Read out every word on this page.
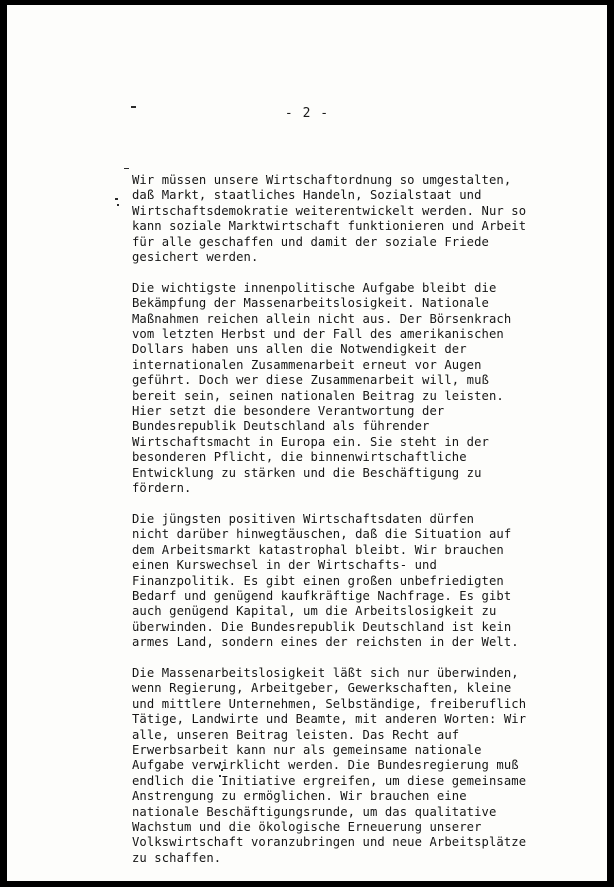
- 2 -
Wir müssen unsere Wirtschaftordnung so umgestalten,
daß Markt, staatliches Handeln, Sozialstaat und
Wirtschaftsdemokratie weiterentwickelt werden. Nur so
kann soziale Marktwirtschaft funktionieren und Arbeit
für alle geschaffen und damit der soziale Friede
gesichert werden.
Die wichtigste innenpolitische Aufgabe bleibt die
Bekämpfung der Massenarbeitslosigkeit. Nationale
Maßnahmen reichen allein nicht aus. Der Börsenkrach
vom letzten Herbst und der Fall des amerikanischen
Dollars haben uns allen die Notwendigkeit der
internationalen Zusammenarbeit erneut vor Augen
geführt. Doch wer diese Zusammenarbeit will, muß
bereit sein, seinen nationalen Beitrag zu leisten.
Hier setzt die besondere Verantwortung der
Bundesrepublik Deutschland als führender
Wirtschaftsmacht in Europa ein. Sie steht in der
besonderen Pflicht, die binnenwirtschaftliche
Entwicklung zu stärken und die Beschäftigung zu
fördern.
Die jüngsten positiven Wirtschaftsdaten dürfen
nicht darüber hinwegtäuschen, daß die Situation auf
dem Arbeitsmarkt katastrophal bleibt. Wir brauchen
einen Kurswechsel in der Wirtschafts- und
Finanzpolitik. Es gibt einen großen unbefriedigten
Bedarf und genügend kaufkräftige Nachfrage. Es gibt
auch genügend Kapital, um die Arbeitslosigkeit zu
überwinden. Die Bundesrepublik Deutschland ist kein
armes Land, sondern eines der reichsten in der Welt.
Die Massenarbeitslosigkeit läßt sich nur überwinden,
wenn Regierung, Arbeitgeber, Gewerkschaften, kleine
und mittlere Unternehmen, Selbständige, freiberuflich
Tätige, Landwirte und Beamte, mit anderen Worten: Wir
alle, unseren Beitrag leisten. Das Recht auf
Erwerbsarbeit kann nur als gemeinsame nationale
Aufgabe verwirklicht werden. Die Bundesregierung muß
endlich die Initiative ergreifen, um diese gemeinsame
Anstrengung zu ermöglichen. Wir brauchen eine
nationale Beschäftigungsrunde, um das qualitative
Wachstum und die ökologische Erneuerung unserer
Volkswirtschaft voranzubringen und neue Arbeitsplätze
zu schaffen.
